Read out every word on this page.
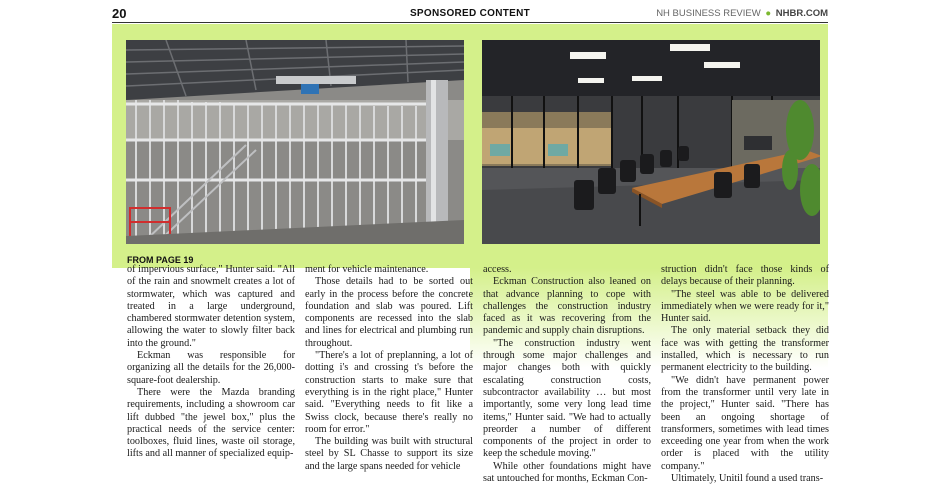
20	SPONSORED CONTENT	NH BUSINESS REVIEW ● NHBR.COM
FROM PAGE 19

of impervious surface," Hunter said. "All of the rain and snowmelt creates a lot of stormwater, which was captured and treated in a large underground, chambered stormwater detention system, allowing the water to slowly filter back into the ground."

Eckman was responsible for organizing all the details for the 26,000-square-foot dealership.

There were the Mazda branding requirements, including a showroom car lift dubbed "the jewel box," plus the practical needs of the service center: toolboxes, fluid lines, waste oil storage, lifts and all manner of specialized equip-

ment for vehicle maintenance.

Those details had to be sorted out early in the process before the concrete foundation and slab was poured. Lift components are recessed into the slab and lines for electrical and plumbing run throughout.

"There's a lot of preplanning, a lot of dotting i's and crossing t's before the construction starts to make sure that everything is in the right place," Hunter said. "Everything needs to fit like a Swiss clock, because there's really no room for error."

The building was built with structural steel by SL Chasse to support its size and the large spans needed for vehicle

access.

Eckman Construction also leaned on that advance planning to cope with challenges the construction industry faced as it was recovering from the pandemic and supply chain disruptions.

"The construction industry went through some major challenges and major changes both with quickly escalating construction costs, subcontractor availability … but most importantly, some very long lead time items," Hunter said. "We had to actually preorder a number of different components of the project in order to keep the schedule moving."

While other foundations might have sat untouched for months, Eckman Con-

struction didn't face those kinds of delays because of their planning.

"The steel was able to be delivered immediately when we were ready for it," Hunter said.

The only material setback they did face was with getting the transformer installed, which is necessary to run permanent electricity to the building.

"We didn't have permanent power from the transformer until very late in the project," Hunter said. "There has been an ongoing shortage of transformers, sometimes with lead times exceeding one year from when the work order is placed with the utility company."

Ultimately, Unitil found a used trans-
